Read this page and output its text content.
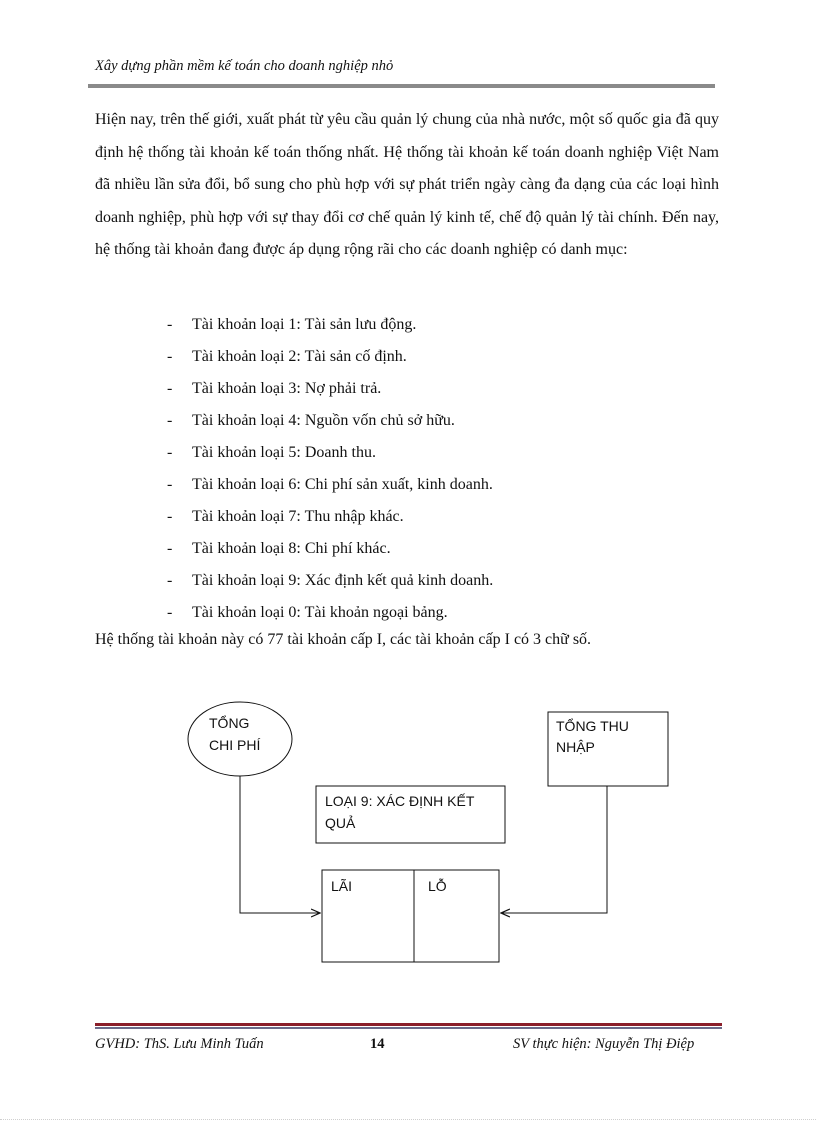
Xây dựng phần mềm kế toán cho doanh nghiệp nhỏ

Hiện nay, trên thế giới, xuất phát từ yêu cầu quản lý chung của nhà nước, một số quốc gia đã quy định hệ thống tài khoản kế toán thống nhất. Hệ thống tài khoản kế toán doanh nghiệp Việt Nam đã nhiều lần sửa đổi, bổ sung cho phù hợp với sự phát triển ngày càng đa dạng của các loại hình doanh nghiệp, phù hợp với sự thay đổi cơ chế quản lý kinh tế, chế độ quản lý tài chính. Đến nay, hệ thống tài khoản đang được áp dụng rộng rãi cho các doanh nghiệp có danh mục:

- Tài khoản loại 1: Tài sản lưu động.
- Tài khoản loại 2: Tài sản cố định.
- Tài khoản loại 3: Nợ phải trả.
- Tài khoản loại 4: Nguồn vốn chủ sở hữu.
- Tài khoản loại 5: Doanh thu.
- Tài khoản loại 6: Chi phí sản xuất, kinh doanh.
- Tài khoản loại 7: Thu nhập khác.
- Tài khoản loại 8: Chi phí khác.
- Tài khoản loại 9: Xác định kết quả kinh doanh.
- Tài khoản loại 0: Tài khoản ngoại bảng.

Hệ thống tài khoản này có 77 tài khoản cấp I, các tài khoản cấp I có 3 chữ số.

TỔNG
CHI PHÍ
TỔNG THU
NHẬP
LOẠI 9: XÁC ĐỊNH KẾT
QUẢ
LÃI	LỖ
GVHD: ThS. Lưu Minh Tuấn	14	SV thực hiện: Nguyễn Thị Điệp
